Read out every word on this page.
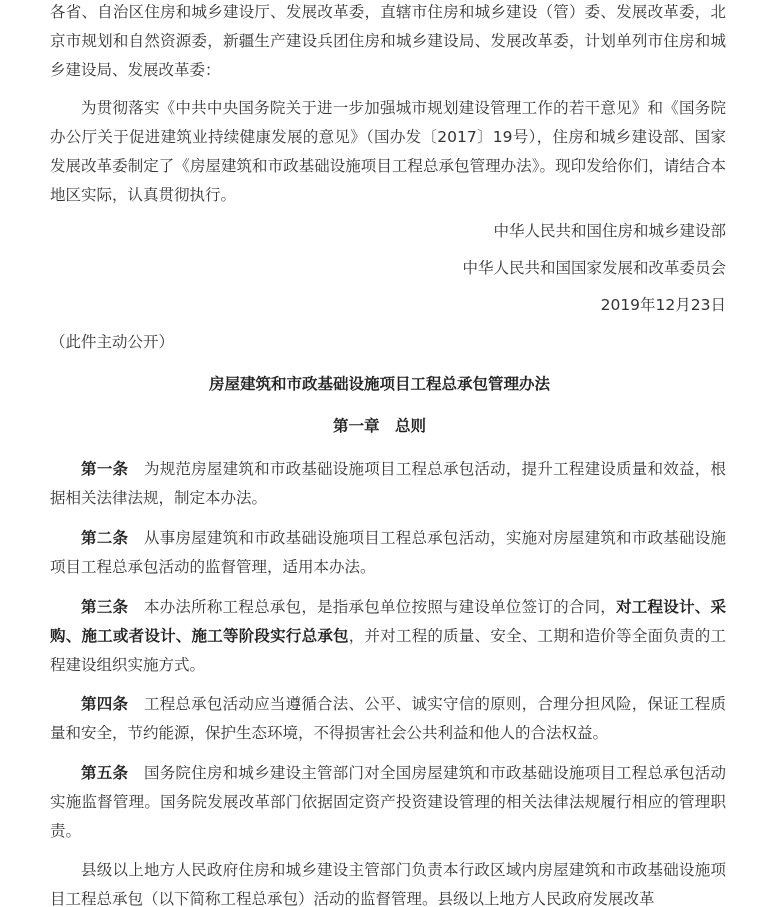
各省、自治区住房和城乡建设厅、发展改革委，直辖市住房和城乡建设（管）委、发展改革委，北京市规划和自然资源委，新疆生产建设兵团住房和城乡建设局、发展改革委，计划单列市住房和城乡建设局、发展改革委：

为贯彻落实《中共中央国务院关于进一步加强城市规划建设管理工作的若干意见》和《国务院办公厅关于促进建筑业持续健康发展的意见》（国办发〔2017〕19号），住房和城乡建设部、国家发展改革委制定了《房屋建筑和市政基础设施项目工程总承包管理办法》。现印发给你们，请结合本地区实际，认真贯彻执行。

中华人民共和国住房和城乡建设部

中华人民共和国国家发展和改革委员会

2019年12月23日

（此件主动公开）

房屋建筑和市政基础设施项目工程总承包管理办法

第一章　总则

第一条　为规范房屋建筑和市政基础设施项目工程总承包活动，提升工程建设质量和效益，根据相关法律法规，制定本办法。

第二条　从事房屋建筑和市政基础设施项目工程总承包活动，实施对房屋建筑和市政基础设施项目工程总承包活动的监督管理，适用本办法。

第三条　本办法所称工程总承包，是指承包单位按照与建设单位签订的合同，对工程设计、采购、施工或者设计、施工等阶段实行总承包，并对工程的质量、安全、工期和造价等全面负责的工程建设组织实施方式。

第四条　工程总承包活动应当遵循合法、公平、诚实守信的原则，合理分担风险，保证工程质量和安全，节约能源，保护生态环境，不得损害社会公共利益和他人的合法权益。

第五条　国务院住房和城乡建设主管部门对全国房屋建筑和市政基础设施项目工程总承包活动实施监督管理。国务院发展改革部门依据固定资产投资建设管理的相关法律法规履行相应的管理职责。

县级以上地方人民政府住房和城乡建设主管部门负责本行政区域内房屋建筑和市政基础设施项目工程总承包（以下简称工程总承包）活动的监督管理。县级以上地方人民政府发展改革
